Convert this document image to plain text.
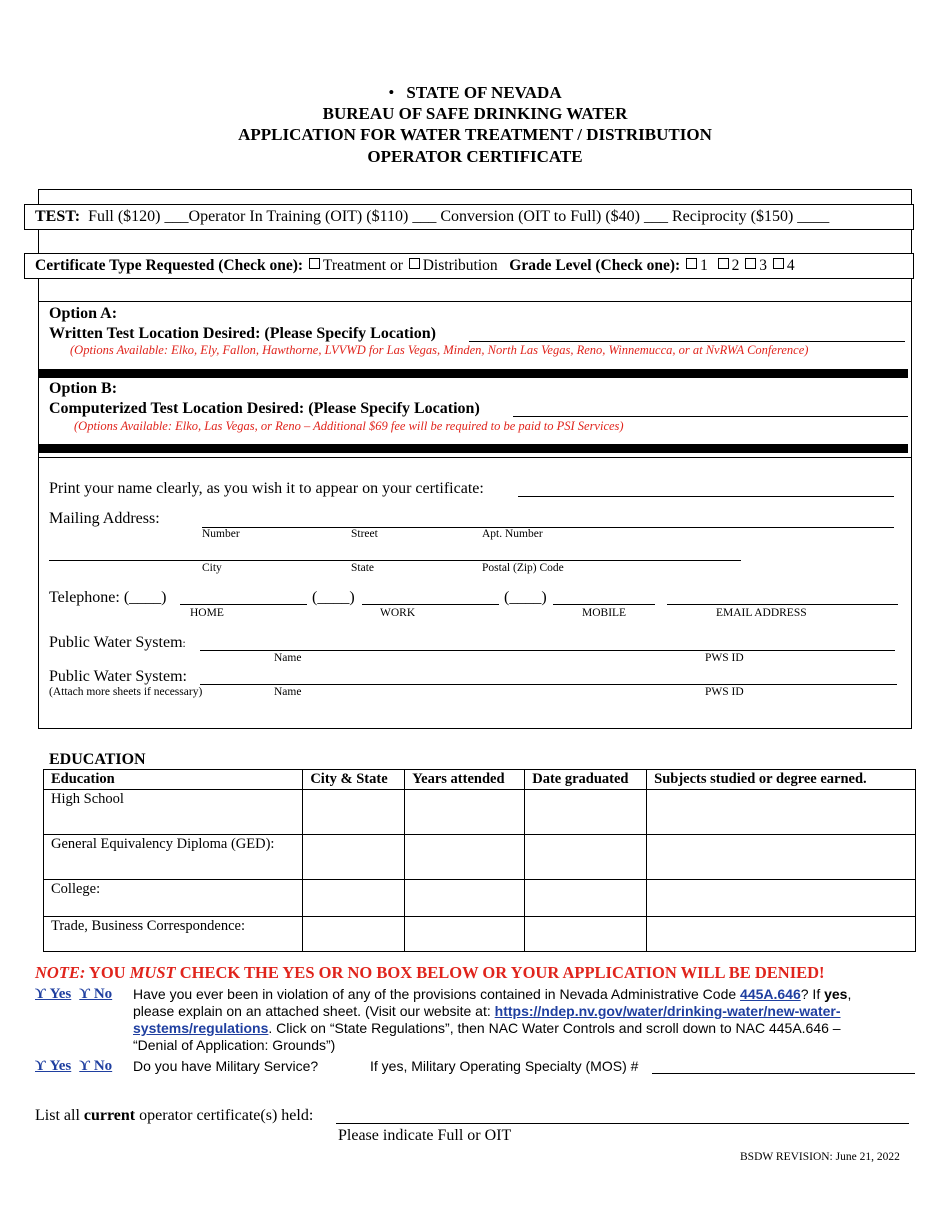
• STATE OF NEVADA
BUREAU OF SAFE DRINKING WATER
APPLICATION FOR WATER TREATMENT / DISTRIBUTION
OPERATOR CERTIFICATE
TEST: Full ($120) ___Operator In Training (OIT) ($110) ___ Conversion (OIT to Full) ($40) ___ Reciprocity ($150) ____
Certificate Type Requested (Check one): Treatment or Distribution Grade Level (Check one): 1 2 3 4
Option A:
Written Test Location Desired: (Please Specify Location)
(Options Available: Elko, Ely, Fallon, Hawthorne, LVVWD for Las Vegas, Minden, North Las Vegas, Reno, Winnemucca, or at NvRWA Conference)
Option B:
Computerized Test Location Desired: (Please Specify Location)
(Options Available: Elko, Las Vegas, or Reno – Additional $69 fee will be required to be paid to PSI Services)
Print your name clearly, as you wish it to appear on your certificate:
Mailing Address:
Number	Street	Apt. Number
City	State	Postal (Zip) Code
Telephone: (____)	(____)	(____)
HOME	WORK	MOBILE	EMAIL ADDRESS
Public Water System:
Name	PWS ID
Public Water System:
(Attach more sheets if necessary)	Name	PWS ID
EDUCATION
Education	City & State	Years attended	Date graduated	Subjects studied or degree earned.
High School				
General Equivalency Diploma (GED):				
College:				
Trade, Business Correspondence:				
NOTE: YOU MUST CHECK THE YES OR NO BOX BELOW OR YOUR APPLICATION WILL BE DENIED!
ϒ Yes ϒ No Have you ever been in violation of any of the provisions contained in Nevada Administrative Code 445A.646? If yes,
please explain on an attached sheet. (Visit our website at: https://ndep.nv.gov/water/drinking-water/new-water-
systems/regulations. Click on “State Regulations”, then NAC Water Controls and scroll down to NAC 445A.646 –
“Denial of Application: Grounds”)
ϒ Yes ϒ No Do you have Military Service?	If yes, Military Operating Specialty (MOS) #
List all current operator certificate(s) held:
Please indicate Full or OIT
BSDW REVISION: June 21, 2022
